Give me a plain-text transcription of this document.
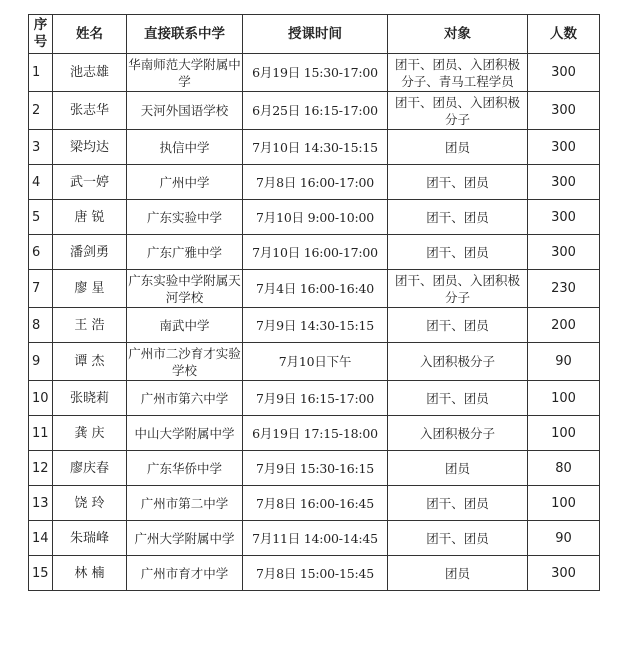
序号	姓名	直接联系中学	授课时间	对象	人数
1	池志雄	华南师范大学附属中学	6月19日 15:30-17:00	团干、团员、入团积极分子、青马工程学员	300
2	张志华	天河外国语学校	6月25日 16:15-17:00	团干、团员、入团积极分子	300
3	梁均达	执信中学	7月10日 14:30-15:15	团员	300
4	武一婷	广州中学	7月8日 16:00-17:00	团干、团员	300
5	唐 锐	广东实验中学	7月10日 9:00-10:00	团干、团员	300
6	潘剑勇	广东广雅中学	7月10日 16:00-17:00	团干、团员	300
7	廖 星	广东实验中学附属天河学校	7月4日 16:00-16:40	团干、团员、入团积极分子	230
8	王 浩	南武中学	7月9日 14:30-15:15	团干、团员	200
9	谭 杰	广州市二沙育才实验学校	7月10日下午	入团积极分子	90
10	张晓莉	广州市第六中学	7月9日 16:15-17:00	团干、团员	100
11	龚 庆	中山大学附属中学	6月19日 17:15-18:00	入团积极分子	100
12	廖庆春	广东华侨中学	7月9日 15:30-16:15	团员	80
13	饶 玲	广州市第二中学	7月8日 16:00-16:45	团干、团员	100
14	朱瑞峰	广州大学附属中学	7月11日 14:00-14:45	团干、团员	90
15	林 楠	广州市育才中学	7月8日 15:00-15:45	团员	300
